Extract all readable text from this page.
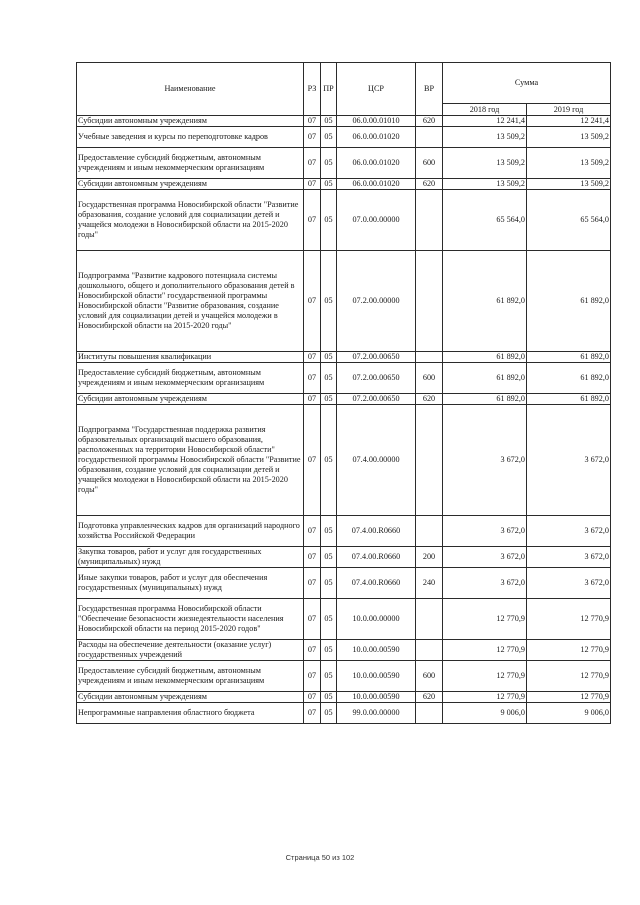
Наименование	РЗ	ПР	ЦСР	ВР	Сумма	
					2018 год	2019 год
Субсидии автономным учреждениям	07	05	06.0.00.01010	620	12 241,4	12 241,4
Учебные заведения и курсы по переподготовке кадров	07	05	06.0.00.01020		13 509,2	13 509,2
Предоставление субсидий бюджетным, автономным учреждениям и иным некоммерческим организациям	07	05	06.0.00.01020	600	13 509,2	13 509,2
Субсидии автономным учреждениям	07	05	06.0.00.01020	620	13 509,2	13 509,2
Государственная программа Новосибирской области "Развитие образования, создание условий для социализации детей и учащейся молодежи в Новосибирской области на 2015-2020 годы"	07	05	07.0.00.00000		65 564,0	65 564,0
Подпрограмма "Развитие кадрового потенциала системы дошкольного, общего и дополнительного образования детей в Новосибирской области" государственной программы Новосибирской области "Развитие образования, создание условий для социализации детей и учащейся молодежи в Новосибирской области на 2015-2020 годы"	07	05	07.2.00.00000		61 892,0	61 892,0
Институты повышения квалификации	07	05	07.2.00.00650		61 892,0	61 892,0
Предоставление субсидий бюджетным, автономным учреждениям и иным некоммерческим организациям	07	05	07.2.00.00650	600	61 892,0	61 892,0
Субсидии автономным учреждениям	07	05	07.2.00.00650	620	61 892,0	61 892,0
Подпрограмма "Государственная поддержка развития образовательных организаций высшего образования, расположенных на территории Новосибирской области" государственной программы Новосибирской области "Развитие образования, создание условий для социализации детей и учащейся молодежи в Новосибирской области на 2015-2020 годы"	07	05	07.4.00.00000		3 672,0	3 672,0
Подготовка управленческих кадров для организаций народного хозяйства Российской Федерации	07	05	07.4.00.R0660		3 672,0	3 672,0
Закупка товаров, работ и услуг для государственных (муниципальных) нужд	07	05	07.4.00.R0660	200	3 672,0	3 672,0
Иные закупки товаров, работ и услуг для обеспечения государственных (муниципальных) нужд	07	05	07.4.00.R0660	240	3 672,0	3 672,0
Государственная программа Новосибирской области "Обеспечение безопасности жизнедеятельности населения Новосибирской области на период 2015-2020 годов"	07	05	10.0.00.00000		12 770,9	12 770,9
Расходы на обеспечение деятельности (оказание услуг) государственных учреждений	07	05	10.0.00.00590		12 770,9	12 770,9
Предоставление субсидий бюджетным, автономным учреждениям и иным некоммерческим организациям	07	05	10.0.00.00590	600	12 770,9	12 770,9
Субсидии автономным учреждениям	07	05	10.0.00.00590	620	12 770,9	12 770,9
Непрограммные направления областного бюджета	07	05	99.0.00.00000		9 006,0	9 006,0
Страница 50 из 102
